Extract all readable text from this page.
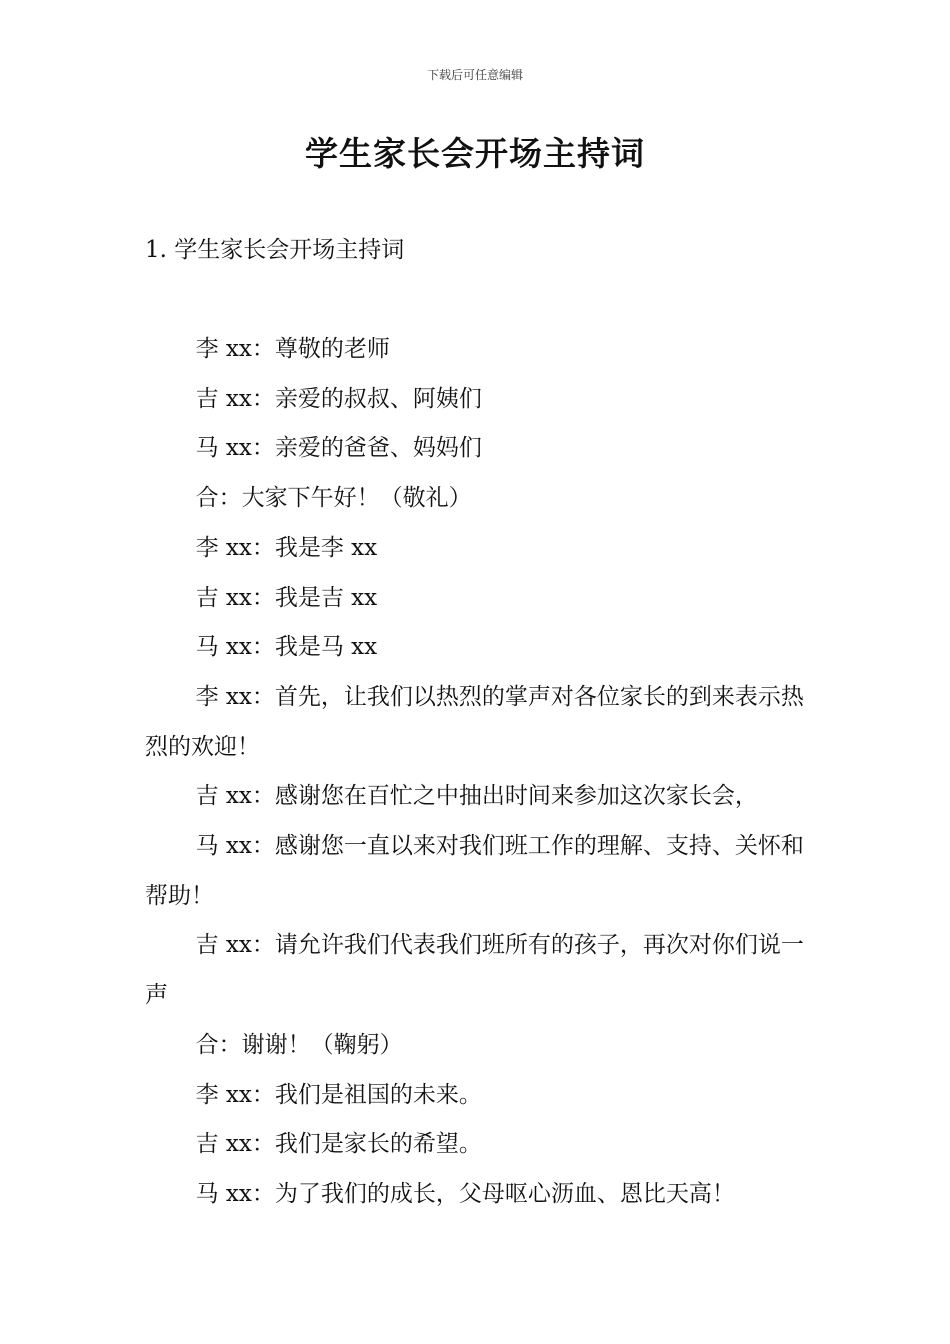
下载后可任意编辑
学生家长会开场主持词

1. 学生家长会开场主持词

李 xx：尊敬的老师

吉 xx：亲爱的叔叔、阿姨们

马 xx：亲爱的爸爸、妈妈们

合：大家下午好！（敬礼）

李 xx：我是李 xx

吉 xx：我是吉 xx

马 xx：我是马 xx

李 xx：首先，让我们以热烈的掌声对各位家长的到来表示热烈的欢迎！

吉 xx：感谢您在百忙之中抽出时间来参加这次家长会，

马 xx：感谢您一直以来对我们班工作的理解、支持、关怀和帮助！

吉 xx：请允许我们代表我们班所有的孩子，再次对你们说一声

合：谢谢！（鞠躬）

李 xx：我们是祖国的未来。

吉 xx：我们是家长的希望。

马 xx：为了我们的成长，父母呕心沥血、恩比天高！
